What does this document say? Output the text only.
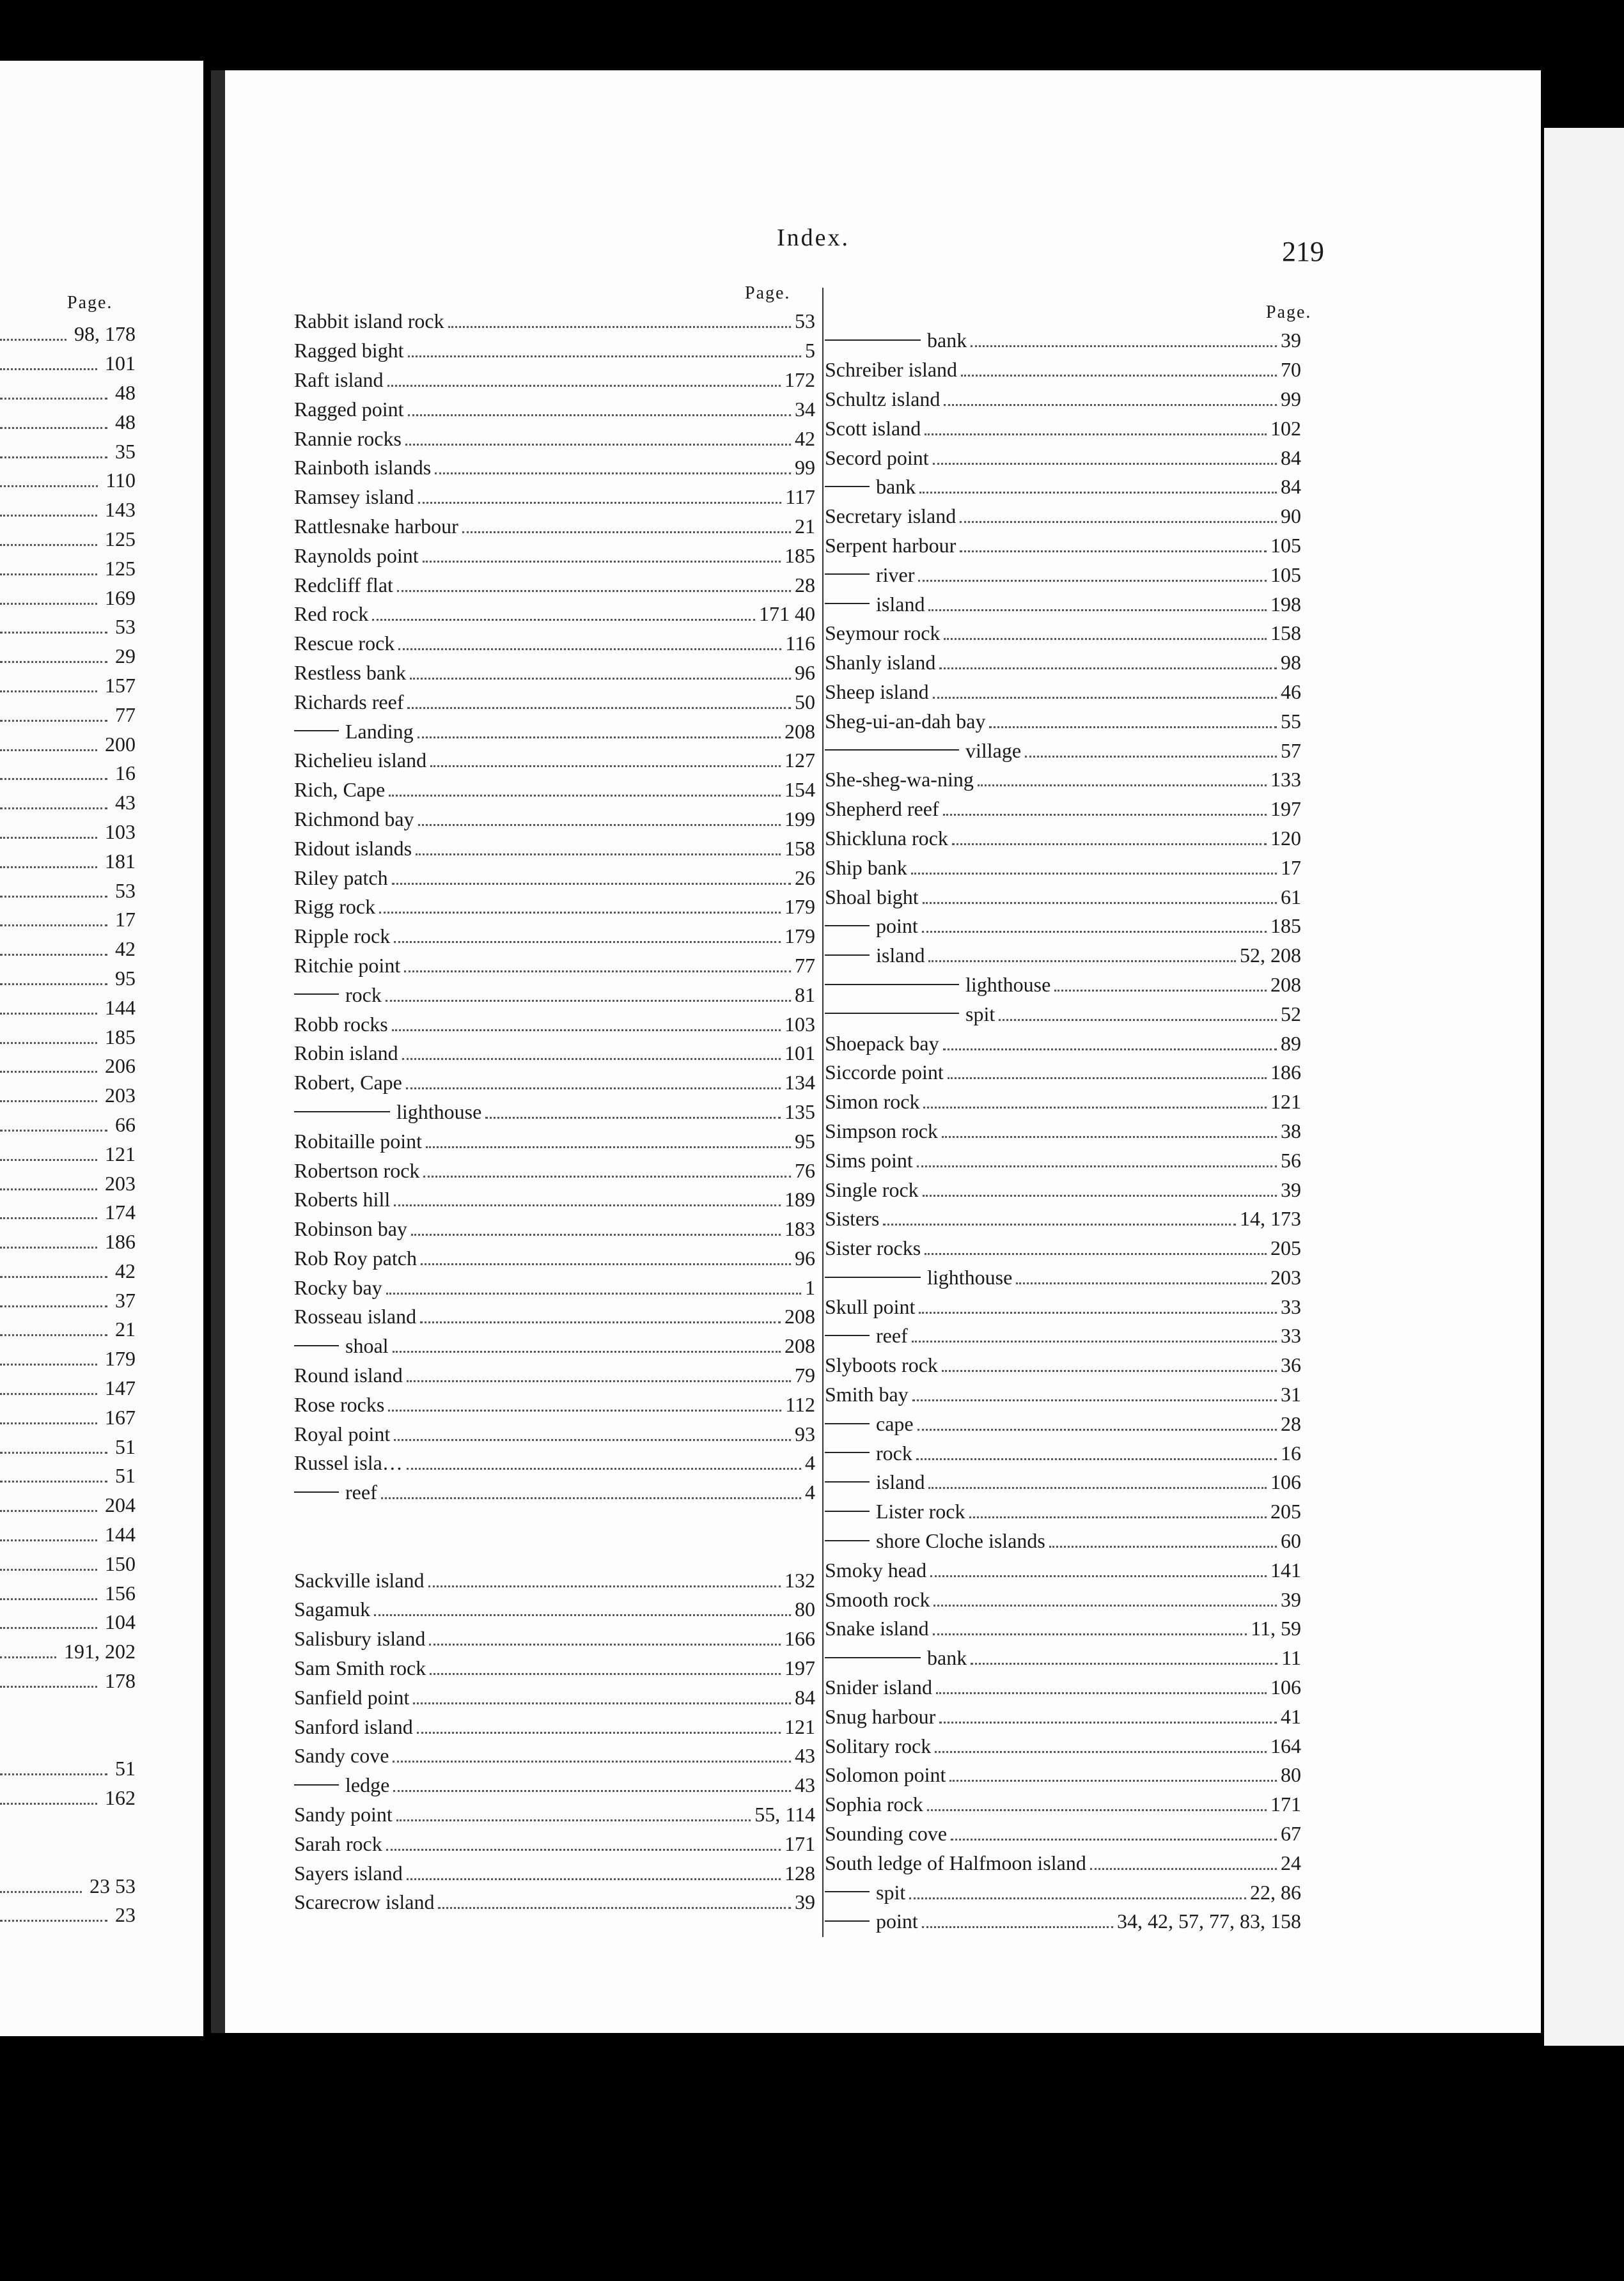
Index.	219
Page.
98, 178
101
48
48
35
110
143
125
125
169
53
29
157
77
200
16
43
103
181
53
17
42
95
144
185
206
203
66
121
203
174
186
42
37
21
179
147
167
51
51
204
144
150
156
104
191, 202
178
51
162
23 53
23
Page.
Rabbit island rock	53
Ragged bight	5
Raft island	172
Ragged point	34
Rannie rocks	42
Rainboth islands	99
Ramsey island	117
Rattlesnake harbour	21
Raynolds point	185
Redcliff flat	28
Red rock	171 40
Rescue rock	116
Restless bank	96
Richards reef	50
Landing	208
Richelieu island	127
Rich, Cape	154
Richmond bay	199
Ridout islands	158
Riley patch	26
Rigg rock	179
Ripple rock	179
Ritchie point	77
rock	81
Robb rocks	103
Robin island	101
Robert, Cape	134
lighthouse	135
Robitaille point	95
Robertson rock	76
Roberts hill	189
Robinson bay	183
Rob Roy patch	96
Rocky bay	1
Rosseau island	208
shoal	208
Round island	79
Rose rocks	112
Royal point	93
Russel isla…	4
reef	4
Sackville island	132
Sagamuk	80
Salisbury island	166
Sam Smith rock	197
Sanfield point	84
Sanford island	121
Sandy cove	43
ledge	43
Sandy point	55, 114
Sarah rock	171
Sayers island	128
Scarecrow island	39
Page.
bank	39
Schreiber island	70
Schultz island	99
Scott island	102
Secord point	84
bank	84
Secretary island	90
Serpent harbour	105
river	105
island	198
Seymour rock	158
Shanly island	98
Sheep island	46
Sheg-ui-an-dah bay	55
village	57
She-sheg-wa-ning	133
Shepherd reef	197
Shickluna rock	120
Ship bank	17
Shoal bight	61
point	185
island	52, 208
lighthouse	208
spit	52
Shoepack bay	89
Siccorde point	186
Simon rock	121
Simpson rock	38
Sims point	56
Single rock	39
Sisters	14, 173
Sister rocks	205
lighthouse	203
Skull point	33
reef	33
Slyboots rock	36
Smith bay	31
cape	28
rock	16
island	106
Lister rock	205
shore Cloche islands	60
Smoky head	141
Smooth rock	39
Snake island	11, 59
bank	11
Snider island	106
Snug harbour	41
Solitary rock	164
Solomon point	80
Sophia rock	171
Sounding cove	67
South ledge of Halfmoon island	24
spit	22, 86
point	34, 42, 57, 77, 83, 158
